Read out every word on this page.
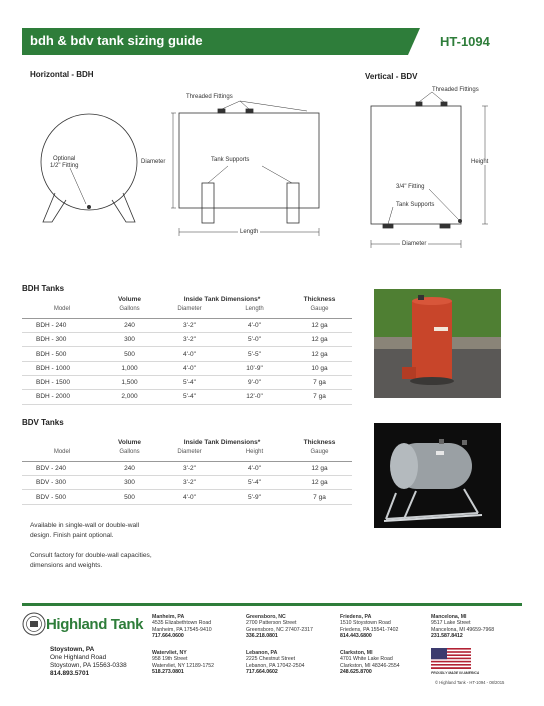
bdh & bdv tank sizing guide	HT-1094
Horizontal - BDH	Vertical - BDV
Threaded Fittings
Optional
1/2" Fitting
Diameter	Tank Supports
Length
Threaded Fittings
Height
3/4" Fitting
Tank Supports
Diameter
BDH Tanks
	Volume	Inside Tank Dimensions*		Thickness
Model	Gallons	Diameter	Length	Gauge
BDH - 240	240	3'-2"	4'-0"	12 ga
BDH - 300	300	3'-2"	5'-0"	12 ga
BDH - 500	500	4'-0"	5'-5"	12 ga
BDH - 1000	1,000	4'-0"	10'-9"	10 ga
BDH - 1500	1,500	5'-4"	9'-0"	7 ga
BDH - 2000	2,000	5'-4"	12'-0"	7 ga
BDV Tanks
	Volume	Inside Tank Dimensions*		Thickness
Model	Gallons	Diameter	Height	Gauge
BDV - 240	240	3'-2"	4'-0"	12 ga
BDV - 300	300	3'-2"	5'-4"	12 ga
BDV - 500	500	4'-0"	5'-9"	7 ga
Available in single-wall or double-wall
design. Finish paint optional.
Consult factory for double-wall capacities,
dimensions and weights.
Highland Tank
Stoystown, PA
One Highland Road
Stoystown, PA 15563-0338
814.893.5701
Manheim, PA
4535 Elizabethtown Road
Manheim, PA 17545-9410
717.664.0600
Greensboro, NC
2700 Patterson Street
Greensboro, NC 27407-2317
336.218.0801
Friedens, PA
1510 Stoystown Road
Friedens, PA 15541-7402
814.443.6800
Mancelona, MI
9517 Lake Street
Mancelona, MI 49659-7968
231.587.8412
Watervliet, NY
958 19th Street
Watervliet, NY 12189-1752
518.273.0801
Lebanon, PA
2225 Chestnut Street
Lebanon, PA 17042-2504
717.664.0602
Clarkston, MI
4701 White Lake Road
Clarkston, MI 48346-2554
248.625.8700	PROUDLY MADE IN AMERICA
© Highland Tank - HT-1094 - 08/2015
